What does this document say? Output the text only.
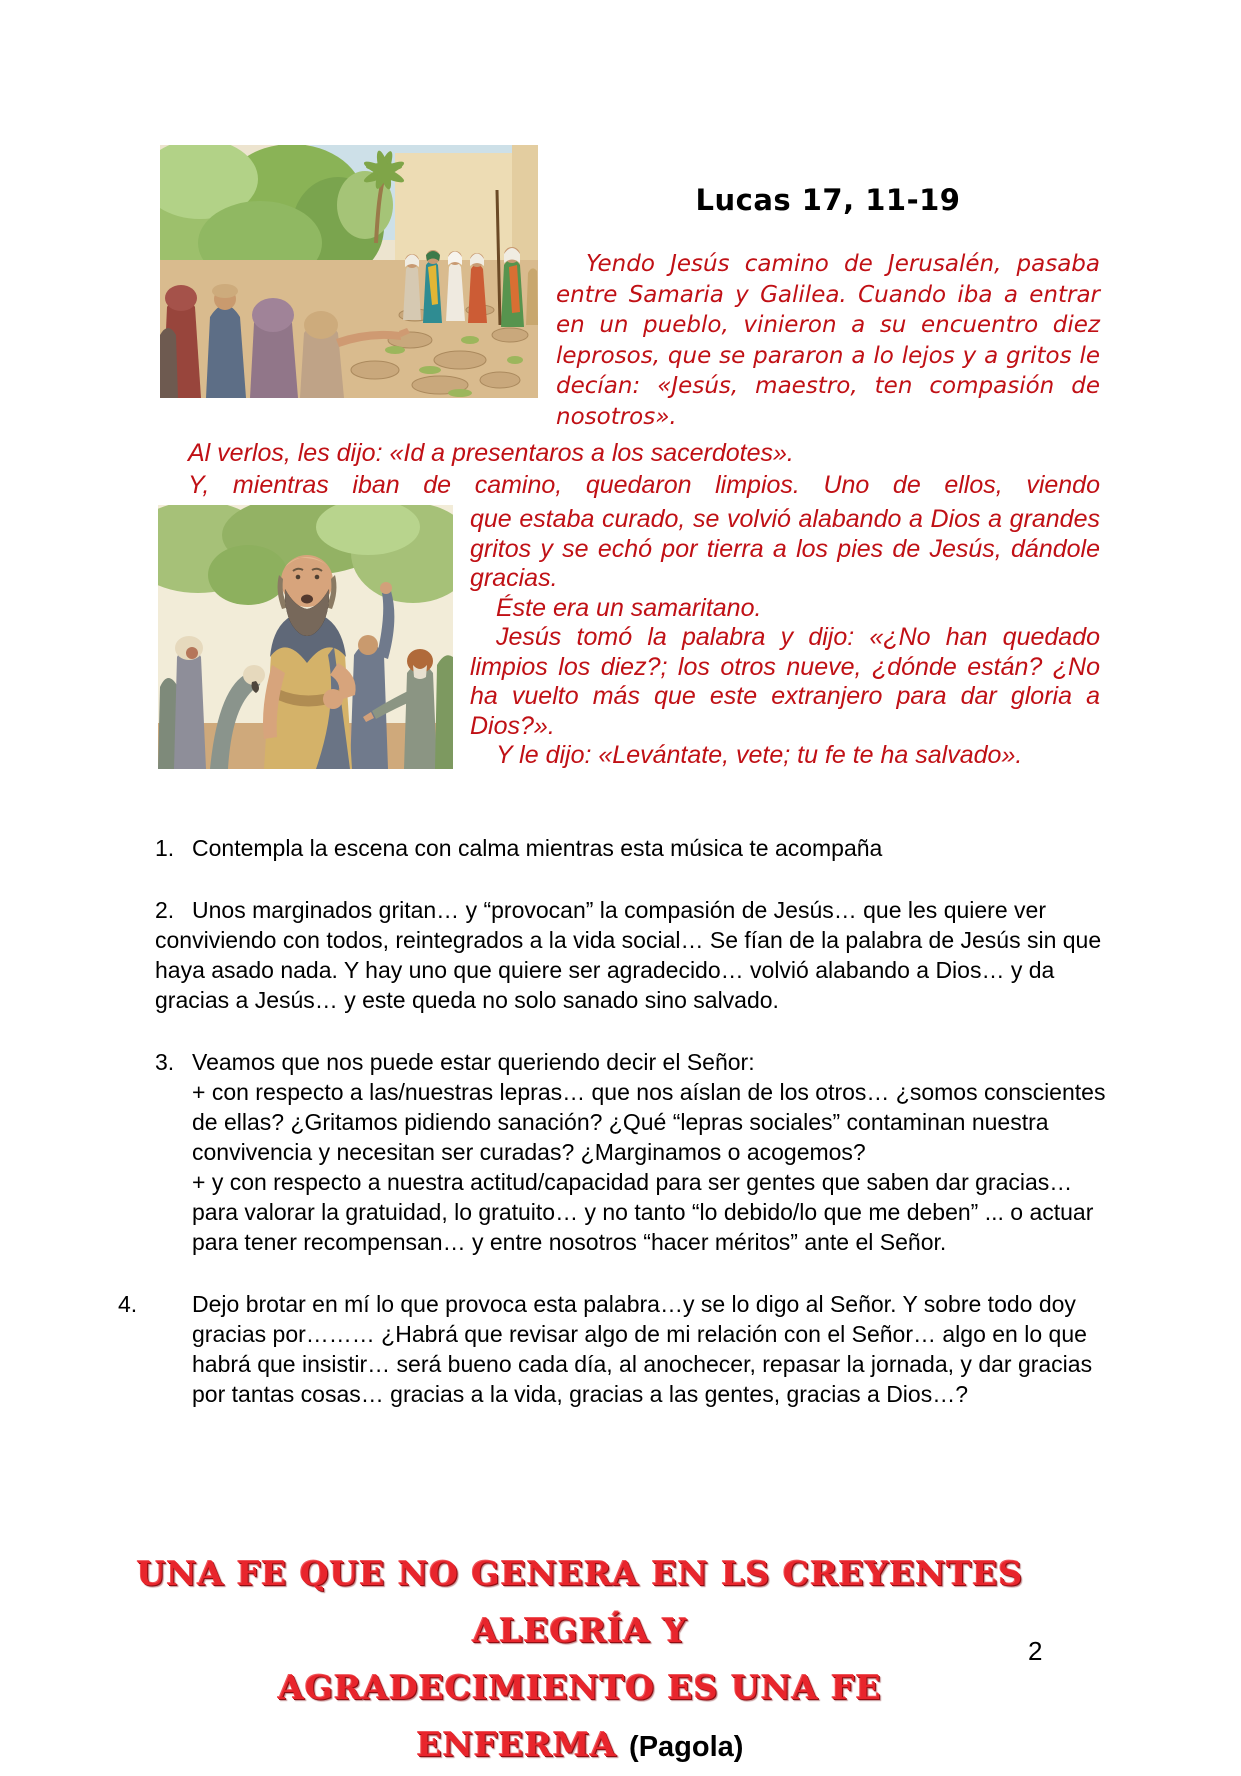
Lucas 17, 11-19

Yendo Jesús camino de Jerusalén, pasaba entre Samaria y Galilea. Cuando iba a entrar en un pueblo, vinieron a su encuentro diez leprosos, que se pararon a lo lejos y a gritos le decían: «Jesús, maestro, ten compasión de nosotros».

Al verlos, les dijo: «Id a presentaros a los sacerdotes».
Y, mientras iban de camino, quedaron limpios. Uno de ellos, viendo

que estaba curado, se volvió alabando a Dios a grandes gritos y se echó por tierra a los pies de Jesús, dándole gracias.

Éste era un samaritano.

Jesús tomó la palabra y dijo: «¿No han quedado limpios los diez?; los otros nueve, ¿dónde están? ¿No ha vuelto más que este extranjero para dar gloria a Dios?».

Y le dijo: «Levántate, vete; tu fe te ha salvado».

1. Contempla la escena con calma mientras esta música te acompaña
2. Unos marginados gritan… y “provocan” la compasión de Jesús… que les quiere ver conviviendo con todos, reintegrados a la vida social… Se fían de la palabra de Jesús sin que haya asado nada. Y hay uno que quiere ser agradecido… volvió alabando a Dios… y da gracias a Jesús… y este queda no solo sanado sino salvado.
3. Veamos que nos puede estar queriendo decir el Señor:
+ con respecto a las/nuestras lepras… que nos aíslan de los otros… ¿somos conscientes de ellas? ¿Gritamos pidiendo sanación? ¿Qué “lepras sociales” contaminan nuestra convivencia y necesitan ser curadas? ¿Marginamos o acogemos?
+ y con respecto a nuestra actitud/capacidad para ser gentes que saben dar gracias… para valorar la gratuidad, lo gratuito… y no tanto “lo debido/lo que me deben” ... o actuar para tener recompensan… y entre nosotros “hacer méritos” ante el Señor.
4. Dejo brotar en mí lo que provoca esta palabra…y se lo digo al Señor. Y sobre todo doy gracias por……… ¿Habrá que revisar algo de mi relación con el Señor… algo en lo que habrá que insistir… será bueno cada día, al anochecer, repasar la jornada, y dar gracias por tantas cosas… gracias a la vida, gracias a las gentes, gracias a Dios…?
UNA FE QUE NO GENERA EN LS CREYENTES ALEGRÍA Y
AGRADECIMIENTO ES UNA FE ENFERMA (Pagola)
2
